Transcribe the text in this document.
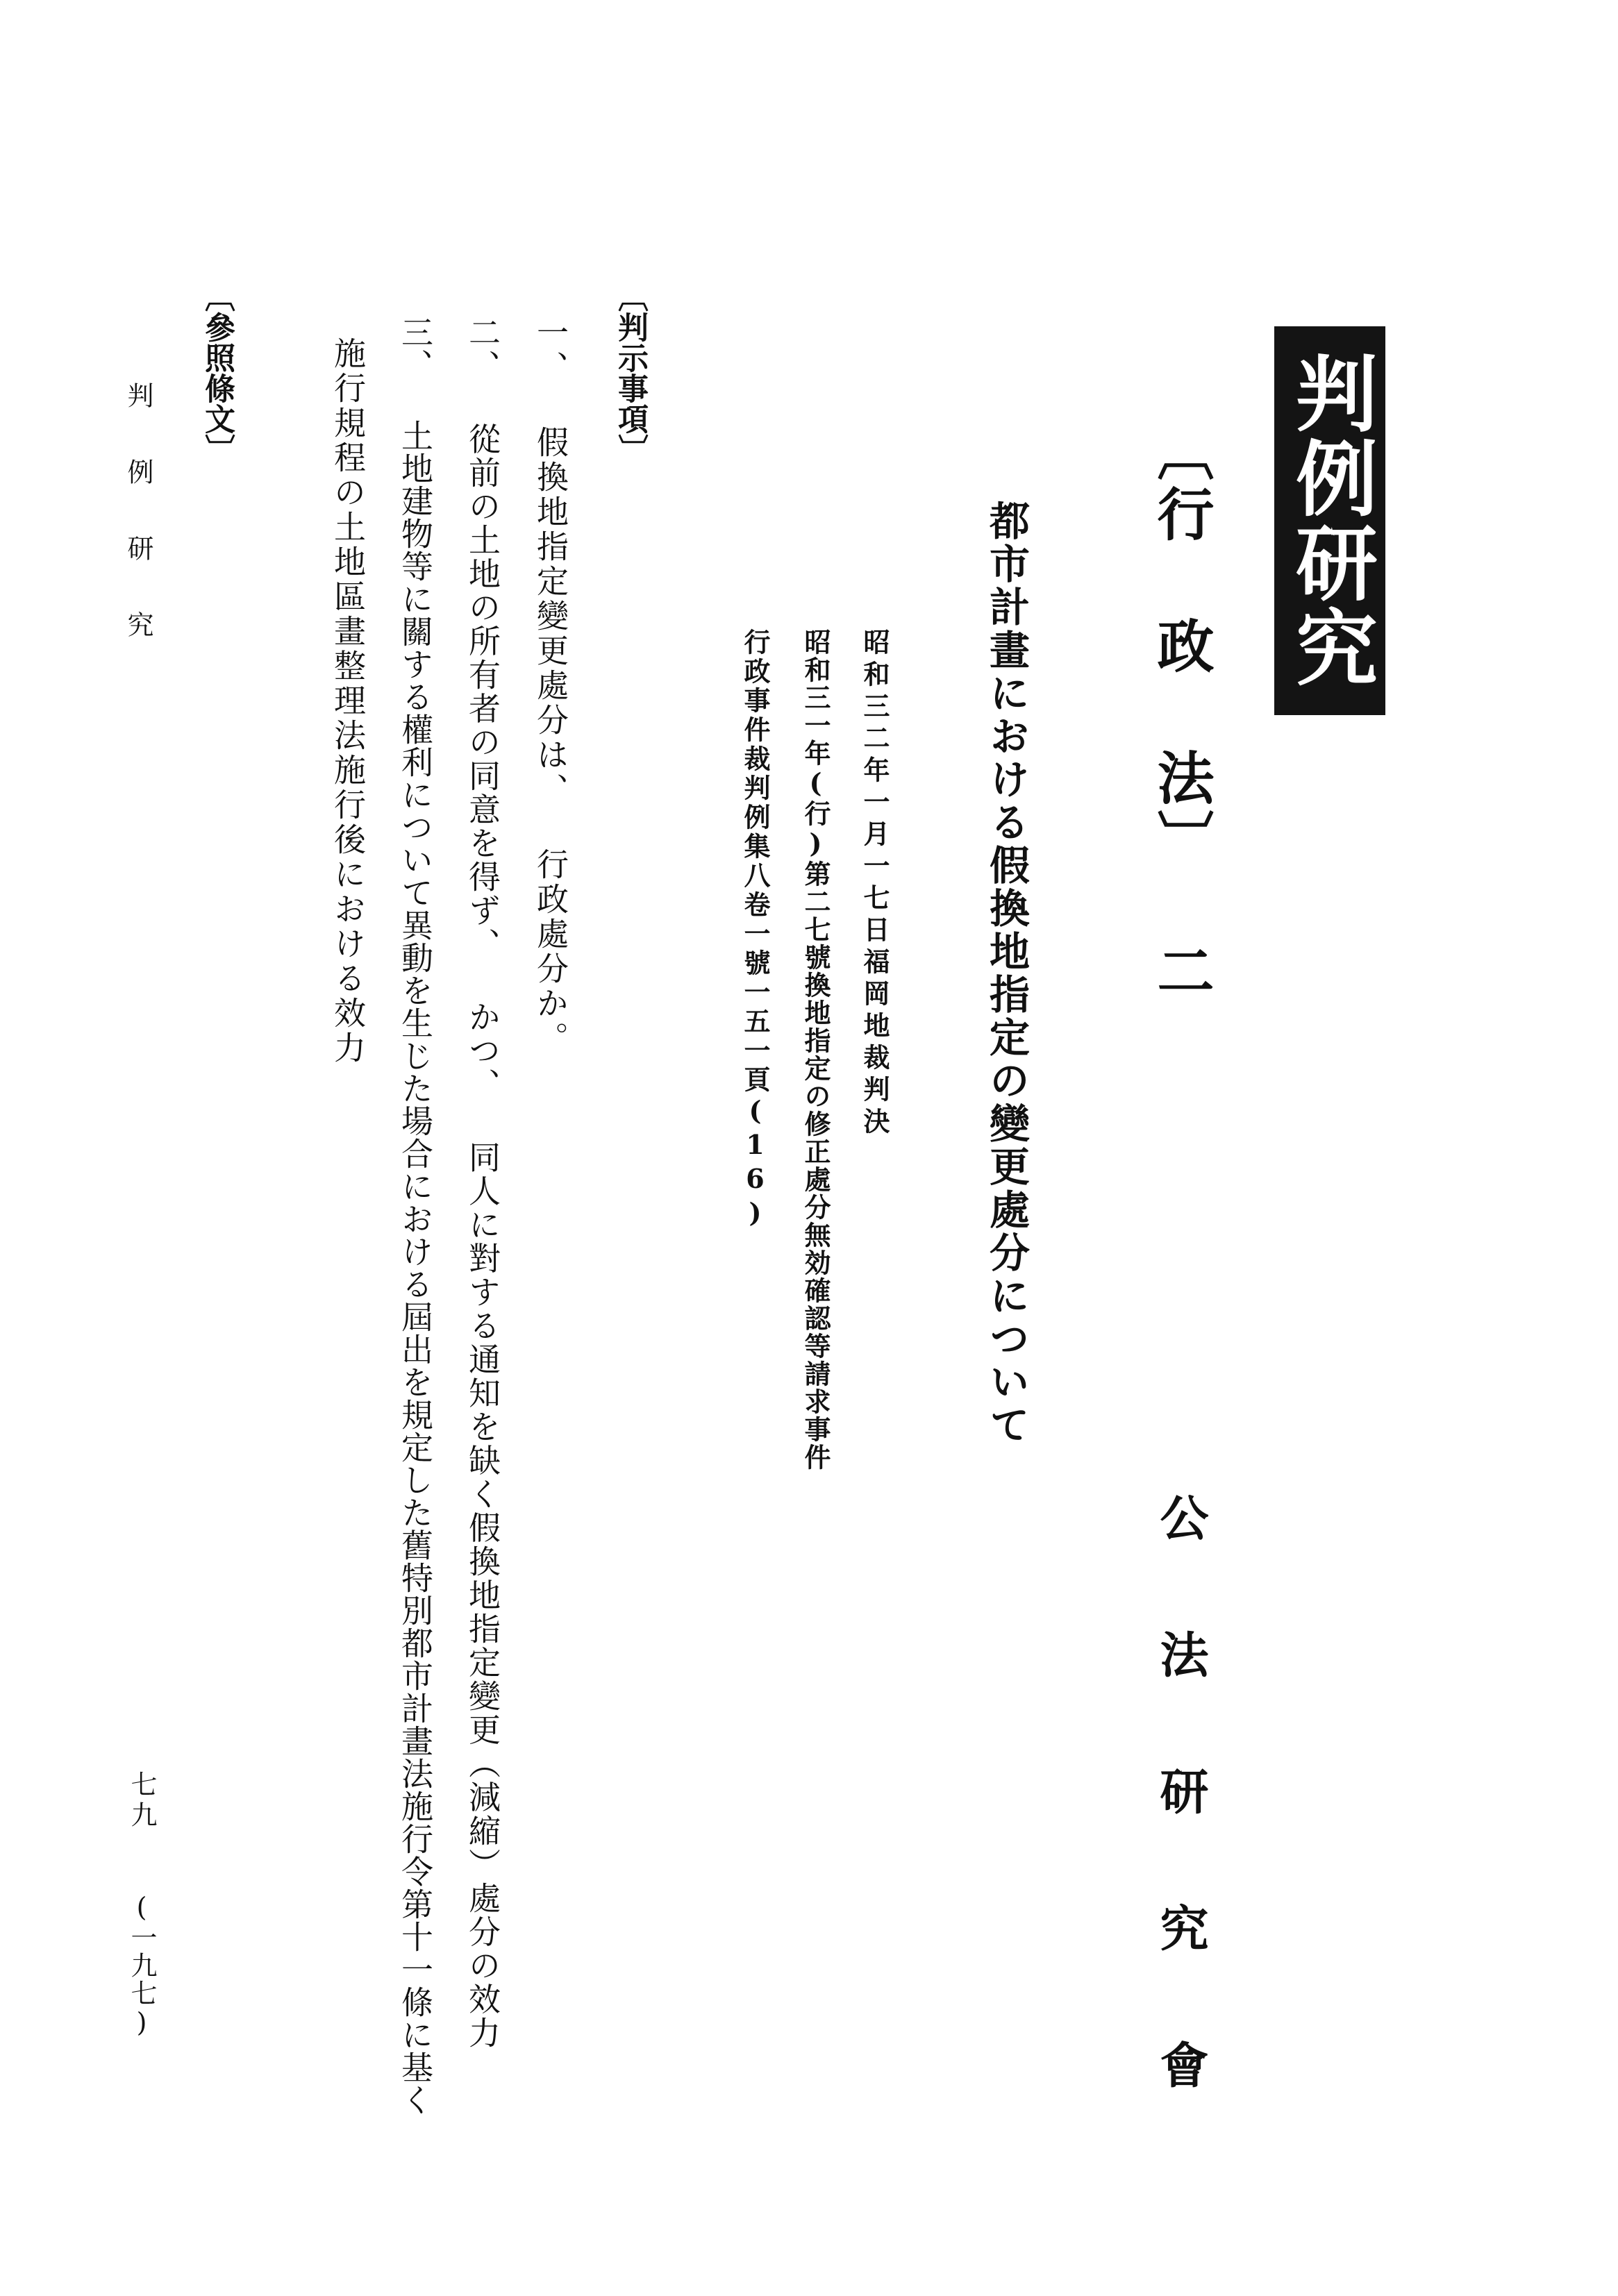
判例研究
〔行 政 法〕 二
公 法 研 究 會
都市計畫における假換地指定の變更處分について
昭和三二年一月一七日福岡地裁判決
昭和三一年(行)第二七號換地指定の修正處分無効確認等請求事件
行政事件裁判例集八卷一號一五一頁(16)
〔判示事項〕
一、 假換地指定變更處分は、 行政處分か。
二、 從前の土地の所有者の同意を得ず、 かつ、 同人に對する通知を缺く假換地指定變更（減縮）處分の效力
三、 土地建物等に關する權利について異動を生じた場合における屆出を規定した舊特別都市計畫法施行令第十一條に基く
施行規程の土地區畫整理法施行後における效力
〔參照條文〕
判 例 研 究
七九
(一九七)
